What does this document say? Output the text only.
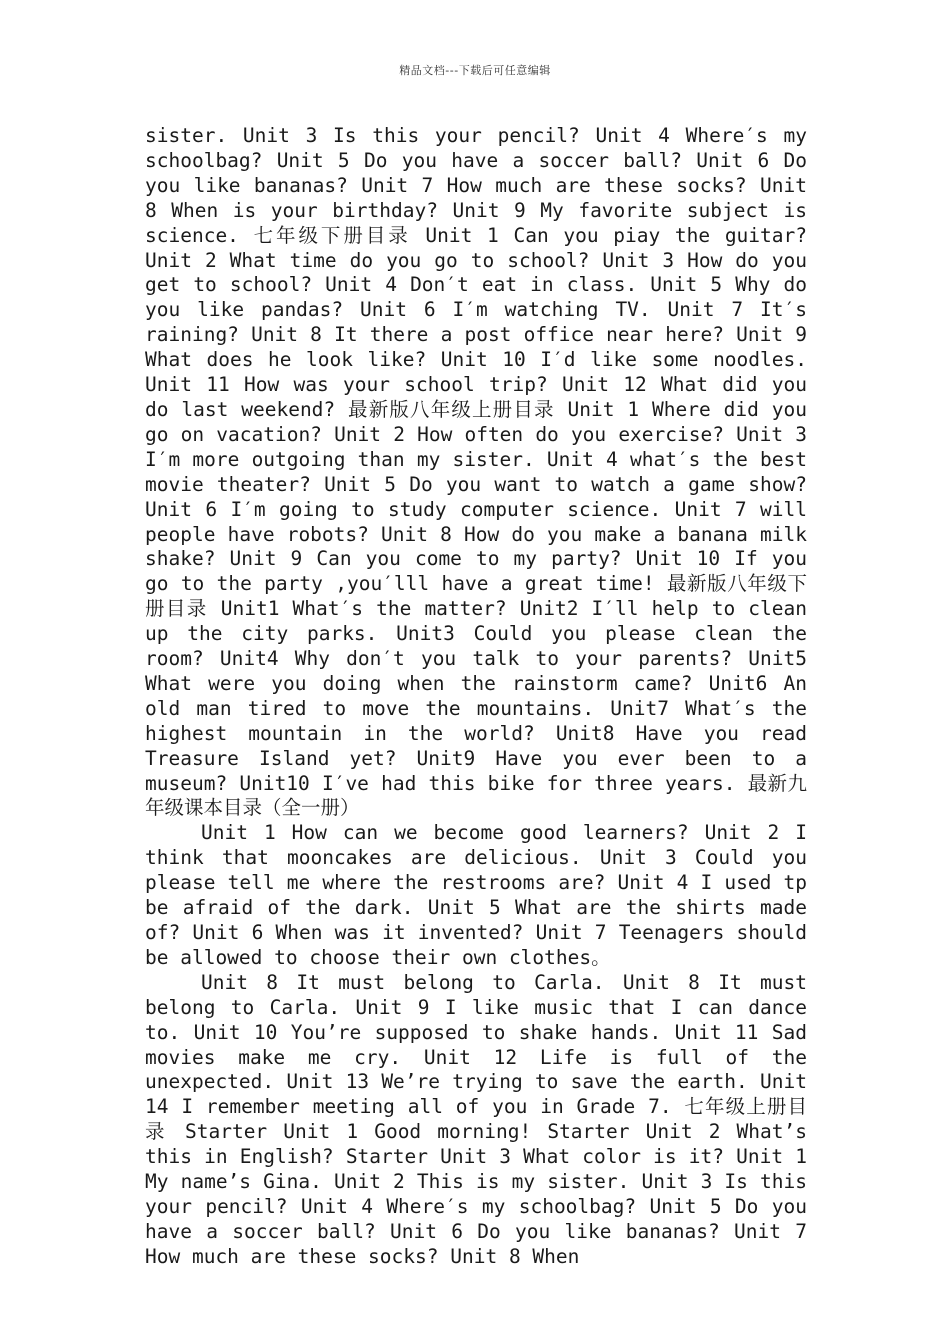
精品文档---下载后可任意编辑

sister. Unit 3 Is this your pencil? Unit 4 Where′s my schoolbag? Unit 5 Do you have a soccer ball? Unit 6 Do you like bananas? Unit 7 How much are these socks? Unit 8 When is your birthday? Unit 9 My favorite subject is science. 七年级下册目录 Unit 1 Can you piay the guitar? Unit 2 What time do you go to school? Unit 3 How do you get to school? Unit 4 Don′t eat in class. Unit 5 Why do you like pandas? Unit 6 I′m watching TV. Unit 7 It′s raining? Unit 8 It there a post office near here? Unit 9 What does he look like? Unit 10 I′d like some noodles. Unit 11 How was your school trip? Unit 12 What did you do last weekend? 最新版八年级上册目录 Unit 1 Where did you go on vacation? Unit 2 How often do you exercise? Unit 3 I′m more outgoing than my sister. Unit 4 what′s the best movie theater? Unit 5 Do you want to watch a game show? Unit 6 I′m going to study computer science. Unit 7 will people have robots? Unit 8 How do you make a banana milk shake? Unit 9 Can you come to my party? Unit 10 If you go to the party ,you′lll have a great time! 最新版八年级下册目录 Unit1 What′s the matter? Unit2 I′ll help to clean up the city parks. Unit3 Could you please clean the room? Unit4 Why don′t you talk to your parents? Unit5 What were you doing when the rainstorm came? Unit6 An old man tired to move the mountains. Unit7 What′s the highest mountain in the world? Unit8 Have you read Treasure Island yet? Unit9 Have you ever been to a museum? Unit10 I′ve had this bike for three years. 最新九年级课本目录（全一册）

Unit 1 How can we become good learners? Unit 2 I think that mooncakes are delicious. Unit 3 Could you please tell me where the restrooms are? Unit 4 I used tp be afraid of the dark. Unit 5 What are the shirts made of? Unit 6 When was it invented? Unit 7 Teenagers should be allowed to choose their own clothes。

Unit 8 It must belong to Carla. Unit 8 It must belong to Carla. Unit 9 I like music that I can dance to. Unit 10 You’re supposed to shake hands. Unit 11 Sad movies make me cry. Unit 12 Life is full of the unexpected. Unit 13 We’re trying to save the earth. Unit 14 I remember meeting all of you in Grade 7. 七年级上册目录 Starter Unit 1 Good morning! Starter Unit 2 What’s this in English? Starter Unit 3 What color is it? Unit 1 My name’s Gina. Unit 2 This is my sister. Unit 3 Is this your pencil? Unit 4 Where′s my schoolbag? Unit 5 Do you have a soccer ball? Unit 6 Do you like bananas? Unit 7 How much are these socks? Unit 8 When
